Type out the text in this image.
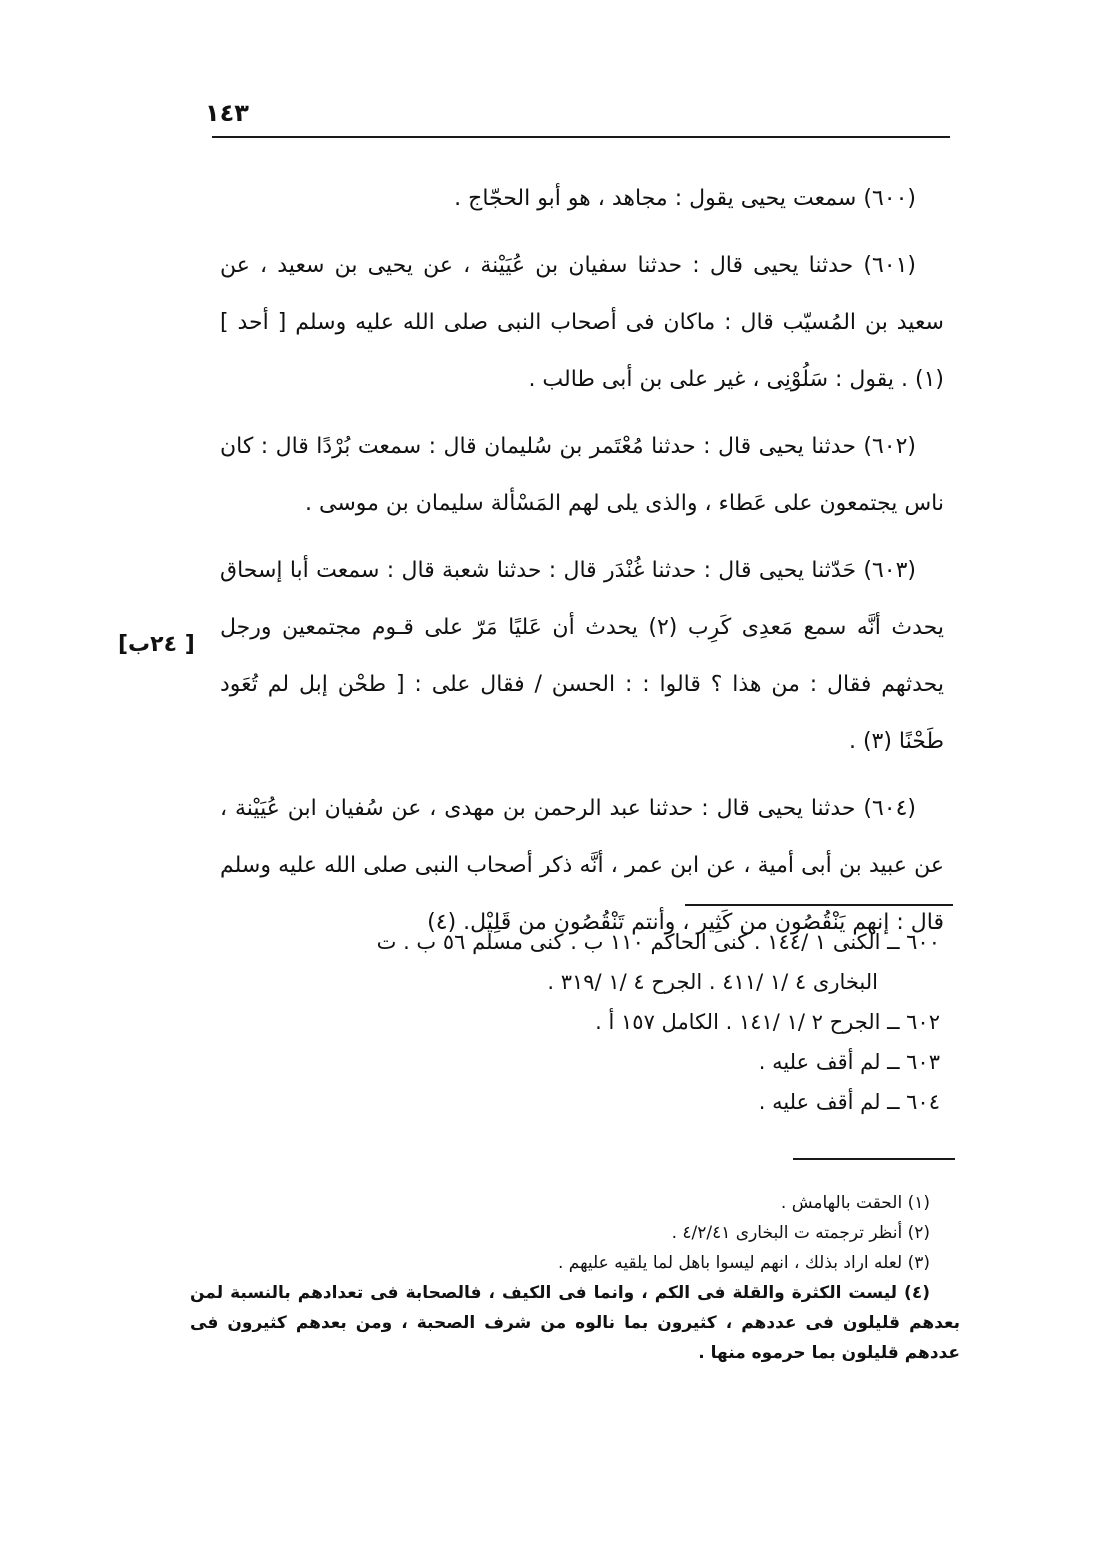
١٤٣

(٦٠٠) سمعت يحيى يقول : مجاهد ، هو أبو الحجّاج .

(٦٠١) حدثنا يحيى قال : حدثنا سفيان بن عُيَيْنة ، عن يحيى بن سعيد ، عن سعيد بن المُسيّب قال : ماكان فى أصحاب النبى صلى الله عليه وسلم [ أحد ] (١) . يقول : سَلُوْنِى ، غير على بن أبى طالب .

(٦٠٢) حدثنا يحيى قال : حدثنا مُعْتَمر بن سُليمان قال : سمعت بُرْدًا قال : كان ناس يجتمعون على عَطاء ، والذى يلى لهم المَسْألة سليمان بن موسى .

(٦٠٣) حَدّثنا يحيى قال : حدثنا غُنْدَر قال : حدثنا شعبة قال : سمعت أبا إسحاق يحدث أنَّه سمع مَعدِى كَرِب (٢) يحدث أن عَليًا مَرّ على قـوم مجتمعين ورجل يحدثهم فقال : من هذا ؟ قالوا : : الحسن / فقال على : [ طحْن إبل لم تُعَود طَحْنًا (٣) .

(٦٠٤) حدثنا يحيى قال : حدثنا عبد الرحمن بن مهدى ، عن سُفيان ابن عُيَيْنة ، عن عبيد بن أبى أمية ، عن ابن عمر ، أنَّه ذكر أصحاب النبى صلى الله عليه وسلم قال : إنهم يَنْقُصُون من كَثِير ، وأنتم تَنْقُصُون من قَلِيْل. (٤)

[ ٢٤ب]
٦٠٠ ــ الكنى ١ /١٤٤ . كنى الحاكم ١١٠ ب . كنى مسلم ٥٦ ب . ت
البخارى ٤ /١ /٤١١ . الجرح ٤ /١ /٣١٩ .
٦٠٢ ــ الجرح ٢ /١ /١٤١ . الكامل ١٥٧ أ .
٦٠٣ ــ لم أقف عليه .
٦٠٤ ــ لم أقف عليه .
(١) الحقت بالهامش .
(٢) أنظر ترجمته ت البخارى ٤/٢/٤١ .
(٣) لعله اراد بذلك ، انهم ليسوا باهل لما يلقيه عليهم .
(٤) ليست الكثرة والقلة فى الكم ، وانما فى الكيف ، فالصحابة فى تعدادهم بالنسبة لمن بعدهم قليلون فى عددهم ، كثيرون بما نالوه من شرف الصحبة ، ومن بعدهم كثيرون فى عددهم قليلون بما حرموه منها .
